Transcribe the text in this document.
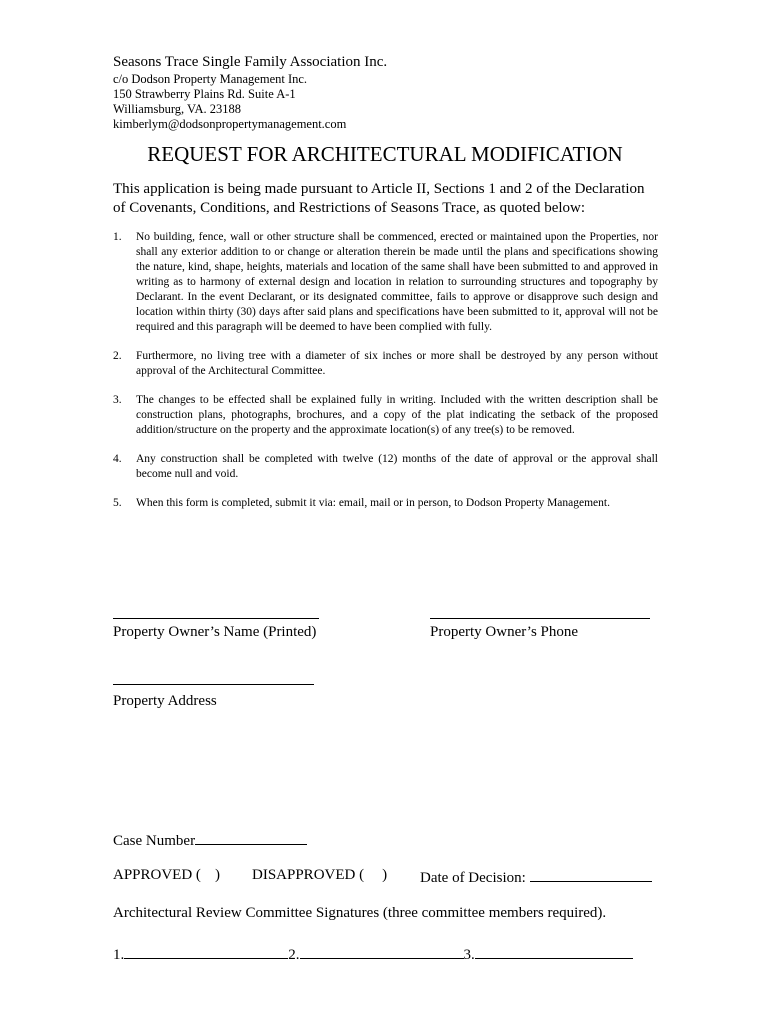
Seasons Trace Single Family Association Inc.
c/o Dodson Property Management Inc.
150 Strawberry Plains Rd. Suite A-1
Williamsburg, VA. 23188
kimberlym@dodsonpropertymanagement.com
REQUEST FOR ARCHITECTURAL MODIFICATION
This application is being made pursuant to Article II, Sections 1 and 2 of the Declaration of Covenants, Conditions, and Restrictions of Seasons Trace, as quoted below:
1. No building, fence, wall or other structure shall be commenced, erected or maintained upon the Properties, nor shall any exterior addition to or change or alteration therein be made until the plans and specifications showing the nature, kind, shape, heights, materials and location of the same shall have been submitted to and approved in writing as to harmony of external design and location in relation to surrounding structures and topography by Declarant. In the event Declarant, or its designated committee, fails to approve or disapprove such design and location within thirty (30) days after said plans and specifications have been submitted to it, approval will not be required and this paragraph will be deemed to have been complied with fully.
2. Furthermore, no living tree with a diameter of six inches or more shall be destroyed by any person without approval of the Architectural Committee.
3. The changes to be effected shall be explained fully in writing. Included with the written description shall be construction plans, photographs, brochures, and a copy of the plat indicating the setback of the proposed addition/structure on the property and the approximate location(s) of any tree(s) to be removed.
4. Any construction shall be completed with twelve (12) months of the date of approval or the approval shall become null and void.
5. When this form is completed, submit it via: email, mail or in person, to Dodson Property Management.
Property Owner’s Name (Printed)	Property Owner’s Phone
Property Address
Case Number
APPROVED ( ) DISAPPROVED ( ) Date of Decision:
Architectural Review Committee Signatures (three committee members required).
1.	2.	3.
